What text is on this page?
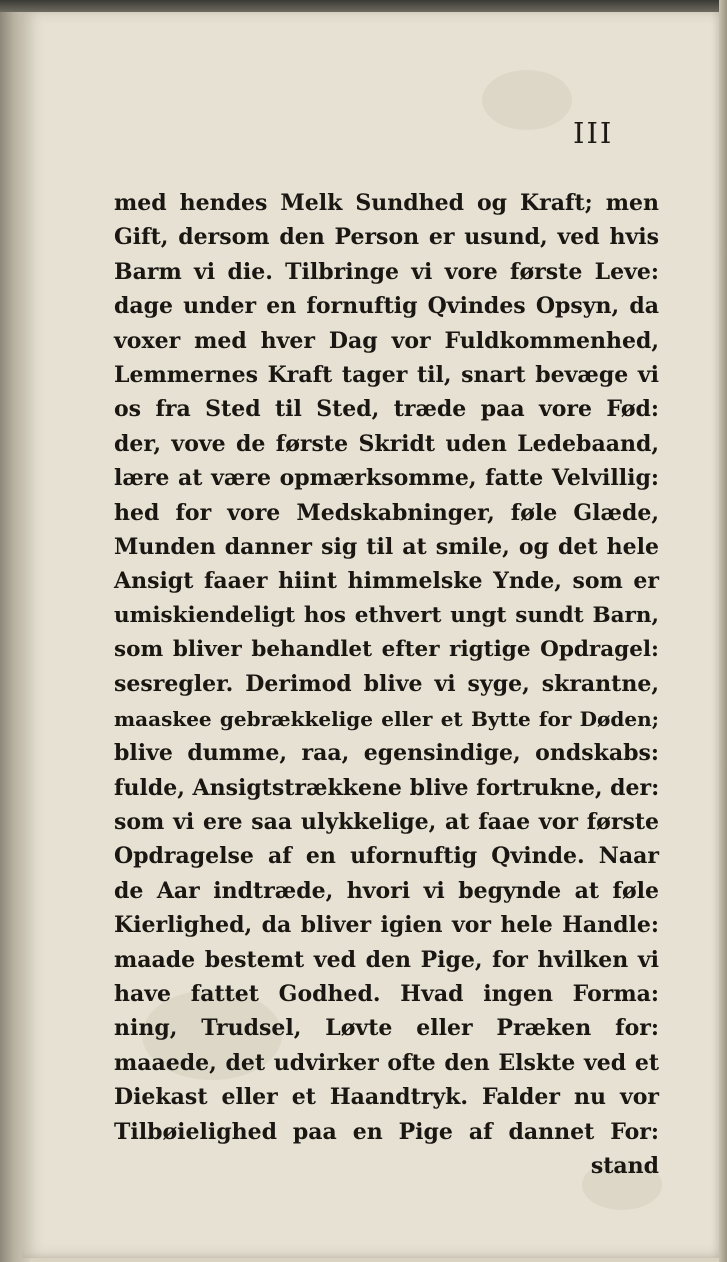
III
med hendes Melk Sundhed og Kraft; men
Gift, dersom den Person er usund, ved hvis
Barm vi die. Tilbringe vi vore første Leve:
dage under en fornuftig Qvindes Opsyn, da
voxer med hver Dag vor Fuldkommenhed,
Lemmernes Kraft tager til, snart bevæge vi
os fra Sted til Sted, træde paa vore Fød:
der, vove de første Skridt uden Ledebaand,
lære at være opmærksomme, fatte Velvillig:
hed for vore Medskabninger, føle Glæde,
Munden danner sig til at smile, og det hele
Ansigt faaer hiint himmelske Ynde, som er
umiskiendeligt hos ethvert ungt sundt Barn,
som bliver behandlet efter rigtige Opdragel:
sesregler. Derimod blive vi syge, skrantne,
maaskee gebrækkelige eller et Bytte for Døden;
blive dumme, raa, egensindige, ondskabs:
fulde, Ansigtstrækkene blive fortrukne, der:
som vi ere saa ulykkelige, at faae vor første
Opdragelse af en ufornuftig Qvinde. Naar
de Aar indtræde, hvori vi begynde at føle
Kierlighed, da bliver igien vor hele Handle:
maade bestemt ved den Pige, for hvilken vi
have fattet Godhed. Hvad ingen Forma:
ning, Trudsel, Løvte eller Præken for:
maaede, det udvirker ofte den Elskte ved et
Diekast eller et Haandtryk. Falder nu vor
Tilbøielighed paa en Pige af dannet For:
stand
